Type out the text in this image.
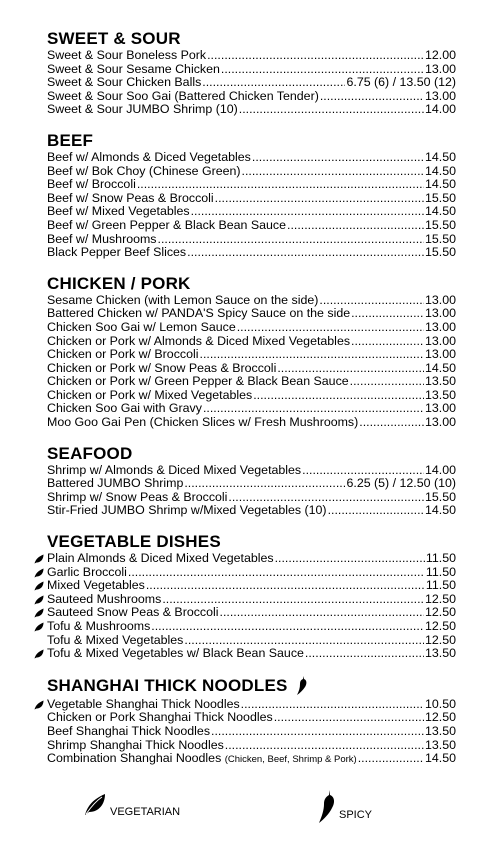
SWEET & SOUR
Sweet & Sour Boneless Pork .....	12.00
Sweet & Sour Sesame Chicken .....	13.00
Sweet & Sour Chicken Balls .....	6.75 (6) / 13.50 (12)
Sweet & Sour Soo Gai (Battered Chicken Tender) .....	13.00
Sweet & Sour JUMBO Shrimp (10) .....	14.00
BEEF
Beef w/ Almonds & Diced Vegetables .....	14.50
Beef w/ Bok Choy (Chinese Green) .....	14.50
Beef w/ Broccoli .....	14.50
Beef w/ Snow Peas & Broccoli .....	15.50
Beef w/ Mixed Vegetables .....	14.50
Beef w/ Green Pepper & Black Bean Sauce .....	15.50
Beef w/ Mushrooms .....	15.50
Black Pepper Beef Slices .....	15.50
CHICKEN / PORK
Sesame Chicken (with Lemon Sauce on the side) .....	13.00
Battered Chicken w/ PANDA'S Spicy Sauce on the side .....	13.00
Chicken Soo Gai w/ Lemon Sauce .....	13.00
Chicken or Pork w/ Almonds & Diced Mixed Vegetables .....	13.00
Chicken or Pork w/ Broccoli .....	13.00
Chicken or Pork w/ Snow Peas & Broccoli .....	14.50
Chicken or Pork w/ Green Pepper & Black Bean Sauce .....	13.50
Chicken or Pork w/ Mixed Vegetables .....	13.50
Chicken Soo Gai with Gravy .....	13.00
Moo Goo Gai Pen (Chicken Slices w/ Fresh Mushrooms) .....	13.00
SEAFOOD
Shrimp w/ Almonds & Diced Mixed Vegetables .....	14.00
Battered JUMBO Shrimp .....	6.25 (5) / 12.50 (10)
Shrimp w/ Snow Peas & Broccoli .....	15.50
Stir-Fried JUMBO Shrimp w/Mixed Vegetables (10) .....	14.50
VEGETABLE DISHES
Plain Almonds & Diced Mixed Vegetables .....	11.50
Garlic Broccoli .....	11.50
Mixed Vegetables .....	11.50
Sauteed Mushrooms .....	12.50
Sauteed Snow Peas & Broccoli .....	12.50
Tofu & Mushrooms .....	12.50
Tofu & Mixed Vegetables .....	12.50
Tofu & Mixed Vegetables w/ Black Bean Sauce .....	13.50
SHANGHAI THICK NOODLES
Vegetable Shanghai Thick Noodles .....	10.50
Chicken or Pork Shanghai Thick Noodles .....	12.50
Beef Shanghai Thick Noodles .....	13.50
Shrimp Shanghai Thick Noodles .....	13.50
Combination Shanghai Noodles (Chicken, Beef, Shrimp & Pork) .....	14.50
VEGETARIAN	SPICY
